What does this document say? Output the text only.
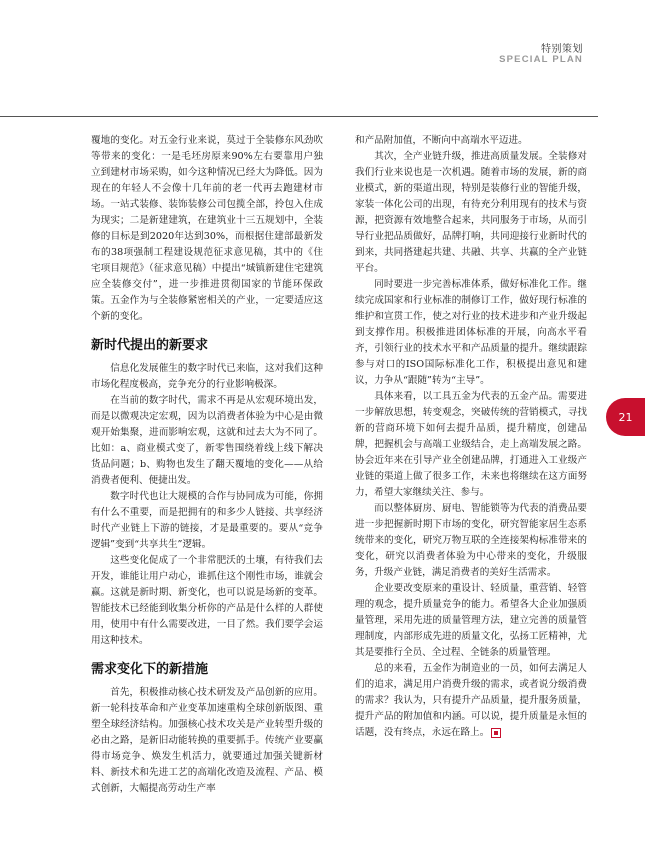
特别策划
SPECIAL PLAN

覆地的变化。对五金行业来说，莫过于全装修东风劲吹等带来的变化：一是毛坯房原来90%左右要靠用户独立到建材市场采购，如今这种情况已经大为降低。因为现在的年轻人不会像十几年前的老一代再去跑建材市场。一站式装修、装饰装修公司包揽全部，拎包入住成为现实；二是新建建筑，在建筑业十三五规划中，全装修的目标是到2020年达到30%，而根据住建部最新发布的38项强制工程建设规范征求意见稿，其中的《住宅项目规范》（征求意见稿）中提出“城镇新建住宅建筑应全装修交付”，进一步推进贯彻国家的节能环保政策。五金作为与全装修紧密相关的产业，一定要适应这个新的变化。

新时代提出的新要求

信息化发展催生的数字时代已来临，这对我们这种市场化程度极高，竞争充分的行业影响极深。

在当前的数字时代，需求不再是从宏观环境出发，而是以微观决定宏观，因为以消费者体验为中心是由微观开始集聚，进而影响宏观，这就和过去大为不同了。比如：a、商业模式变了，新零售围绕着线上线下解决货品问题；b、购物也发生了翻天覆地的变化——从给消费者便利、便捷出发。

数字时代也让大规模的合作与协同成为可能，你拥有什么不重要，而是把拥有的和多少人链接、共享经济时代产业链上下游的链接，才是最重要的。要从“竞争逻辑”变到“共享共生”逻辑。

这些变化促成了一个非常肥沃的土壤，有待我们去开发，谁能让用户动心，谁抓住这个刚性市场，谁就会赢。这就是新时期、新变化，也可以说是场新的变革。智能技术已经能到收集分析你的产品是什么样的人群使用，使用中有什么需要改进，一目了然。我们要学会运用这种技术。

需求变化下的新措施

首先，积极推动核心技术研发及产品创新的应用。新一轮科技革命和产业变革加速重构全球创新版图、重塑全球经济结构。加强核心技术攻关是产业转型升级的必由之路，是新旧动能转换的重要抓手。传统产业要赢得市场竞争、焕发生机活力，就要通过加强关键新材料、新技术和先进工艺的高端化改造及流程、产品、模式创新，大幅提高劳动生产率

和产品附加值，不断向中高端水平迈进。

其次，全产业链升级，推进高质量发展。全装修对我们行业来说也是一次机遇。随着市场的发展，新的商业模式，新的渠道出现，特别是装修行业的智能升级，家装一体化公司的出现，有待充分利用现有的技术与资源，把资源有效地整合起来，共同服务于市场，从而引导行业把品质做好，品牌打响，共同迎接行业新时代的到来，共同搭建起共建、共融、共享、共赢的全产业链平台。

同时要进一步完善标准体系，做好标准化工作。继续完成国家和行业标准的制修订工作，做好现行标准的维护和宣贯工作，使之对行业的技术进步和产业升级起到支撑作用。积极推进团体标准的开展，向高水平看齐，引领行业的技术水平和产品质量的提升。继续跟踪参与对口的ISO国际标准化工作，积极提出意见和建议，力争从“跟随”转为“主导”。

具体来看，以工具五金为代表的五金产品。需要进一步解放思想，转变观念，突破传统的营销模式，寻找新的营商环境下如何去提升品质，提升精度，创建品牌，把握机会与高端工业级结合，走上高端发展之路。协会近年来在引导产业全创建品牌，打通进入工业级产业链的渠道上做了很多工作，未来也将继续在这方面努力，希望大家继续关注、参与。

而以整体厨房、厨电、智能锁等为代表的消费品要进一步把握新时期下市场的变化，研究智能家居生态系统带来的变化，研究万物互联的全连接架构标准带来的变化，研究以消费者体验为中心带来的变化，升级服务，升级产业链，满足消费者的美好生活需求。

企业要改变原来的重设计、轻质量，重营销、轻管理的观念，提升质量竞争的能力。希望各大企业加强质量管理，采用先进的质量管理方法，建立完善的质量管理制度，内部形成先进的质量文化，弘扬工匠精神，尤其是要推行全员、全过程、全链条的质量管理。

总的来看，五金作为制造业的一员，如何去满足人们的追求，满足用户消费升级的需求，或者说分级消费的需求？我认为，只有提升产品质量，提升服务质量，提升产品的附加值和内涵。可以说，提升质量是永恒的话题，没有终点，永远在路上。

21
